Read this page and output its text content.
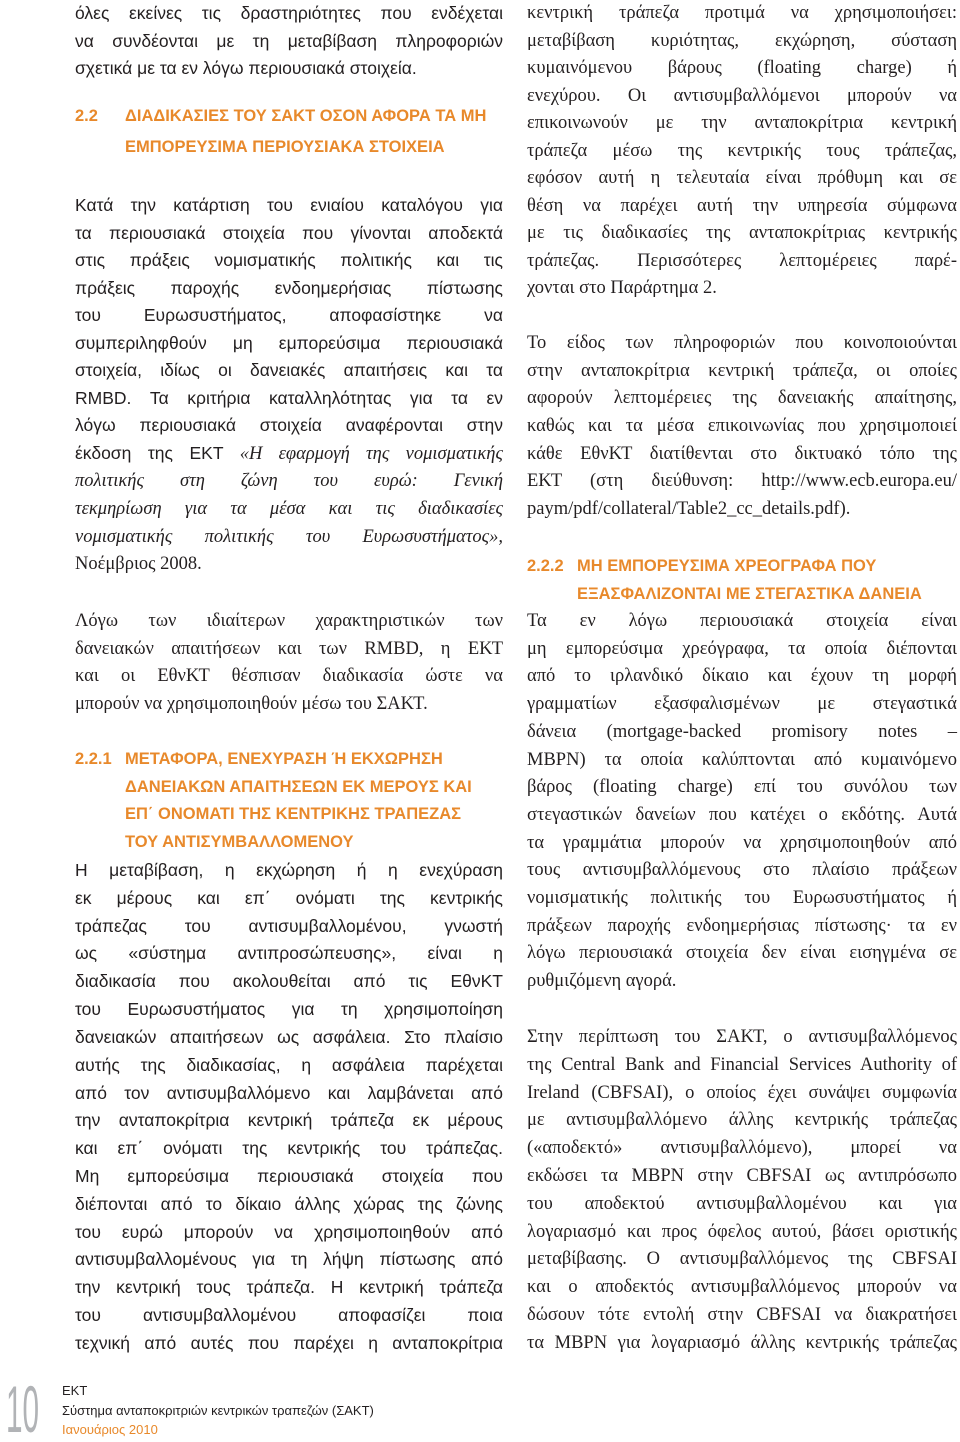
όλες εκείνες τις δραστηριότητες που ενδέχεται
να συνδέονται με τη μεταβίβαση πληροφοριών
σχετικά με τα εν λόγω περιουσιακά στοιχεία.
2.2 ΔΙΑΔΙΚΑΣΙΕΣ ΤΟΥ ΣΑΚΤ ΟΣΟΝ ΑΦΟΡΑ ΤΑ ΜΗ
ΕΜΠΟΡΕΥΣΙΜΑ ΠΕΡΙΟΥΣΙΑΚΑ ΣΤΟΙΧΕΙΑ
Κατά την κατάρτιση του ενιαίου καταλόγου για
τα περιουσιακά στοιχεία που γίνονται αποδεκτά
στις πράξεις νομισματικής πολιτικής και τις
πράξεις παροχής ενδοημερήσιας πίστωσης
του Ευρωσυστήματος, αποφασίστηκε να
συμπεριληφθούν μη εμπορεύσιμα περιουσιακά
στοιχεία, ιδίως οι δανειακές απαιτήσεις και τα
RMBD. Τα κριτήρια καταλληλότητας για τα εν
λόγω περιουσιακά στοιχεία αναφέρονται στην
έκδοση της ΕΚΤ «Η εφαρμογή της νομισματικής
πολιτικής στη ζώνη του ευρώ: Γενική
τεκμηρίωση για τα μέσα και τις διαδικασίες
νομισματικής πολιτικής του Ευρωσυστήματος»,
Νοέμβριος 2008.
Λόγω των ιδιαίτερων χαρακτηριστικών των
δανειακών απαιτήσεων και των RMBD, η ΕΚΤ
και οι ΕθνΚΤ θέσπισαν διαδικασία ώστε να
μπορούν να χρησιμοποιηθούν μέσω του ΣΑΚΤ.
2.2.1 ΜΕΤΑΦΟΡΑ, ΕΝΕΧΥΡΑΣΗ Ή ΕΚΧΩΡΗΣΗ
ΔΑΝΕΙΑΚΩΝ ΑΠΑΙΤΗΣΕΩΝ ΕΚ ΜΕΡΟΥΣ ΚΑΙ
ΕΠ΄ ΟΝΟΜΑΤΙ ΤΗΣ ΚΕΝΤΡΙΚΗΣ ΤΡΑΠΕΖΑΣ
ΤΟΥ ΑΝΤΙΣΥΜΒΑΛΛΟΜΕΝΟΥ
Η μεταβίβαση, η εκχώρηση ή η ενεχύραση
εκ μέρους και επ΄ ονόματι της κεντρικής
τράπεζας του αντισυμβαλλομένου, γνωστή
ως «σύστημα αντιπροσώπευσης», είναι η
διαδικασία που ακολουθείται από τις ΕθνΚΤ
του Ευρωσυστήματος για τη χρησιμοποίηση
δανειακών απαιτήσεων ως ασφάλεια. Στο πλαίσιο
αυτής της διαδικασίας, η ασφάλεια παρέχεται
από τον αντισυμβαλλόμενο και λαμβάνεται από
την ανταποκρίτρια κεντρική τράπεζα εκ μέρους
και επ΄ ονόματι της κεντρικής του τράπεζας.
Μη εμπορεύσιμα περιουσιακά στοιχεία που
διέπονται από το δίκαιο άλλης χώρας της ζώνης
του ευρώ μπορούν να χρησιμοποιηθούν από
αντισυμβαλλομένους για τη λήψη πίστωσης από
την κεντρική τους τράπεζα. Η κεντρική τράπεζα
του αντισυμβαλλομένου αποφασίζει ποια
τεχνική από αυτές που παρέχει η ανταποκρίτρια
κεντρική τράπεζα προτιμά να χρησιμοποιήσει:
μεταβίβαση κυριότητας, εκχώρηση, σύσταση
κυμαινόμενου βάρους (floating charge) ή
ενεχύρου. Οι αντισυμβαλλόμενοι μπορούν να
επικοινωνούν με την ανταποκρίτρια κεντρική
τράπεζα μέσω της κεντρικής τους τράπεζας,
εφόσον αυτή η τελευταία είναι πρόθυμη και σε
θέση να παρέχει αυτή την υπηρεσία σύμφωνα
με τις διαδικασίες της ανταποκρίτριας κεντρικής
τράπεζας. Περισσότερες λεπτομέρειες παρέ-
χονται στο Παράρτημα 2.
Το είδος των πληροφοριών που κοινοποιούνται
στην ανταποκρίτρια κεντρική τράπεζα, οι οποίες
αφορούν λεπτομέρειες της δανειακής απαίτησης,
καθώς και τα μέσα επικοινωνίας που χρησιμοποιεί
κάθε ΕθνΚΤ διατίθενται στο δικτυακό τόπο της
ΕΚΤ (στη διεύθυνση: http://www.ecb.europa.eu/
paym/pdf/collateral/Table2_cc_details.pdf).
2.2.2 ΜΗ ΕΜΠΟΡΕΥΣΙΜΑ ΧΡΕΟΓΡΑΦΑ ΠΟΥ
ΕΞΑΣΦΑΛΙΖΟΝΤΑΙ ΜΕ ΣΤΕΓΑΣΤΙΚΑ ΔΑΝΕΙΑ
Τα εν λόγω περιουσιακά στοιχεία είναι
μη εμπορεύσιμα χρεόγραφα, τα οποία διέπονται
από το ιρλανδικό δίκαιο και έχουν τη μορφή
γραμματίων εξασφαλισμένων με στεγαστικά
δάνεια (mortgage-backed promisory notes –
MBPN) τα οποία καλύπτονται από κυμαινόμενο
βάρος (floating charge) επί του συνόλου των
στεγαστικών δανείων που κατέχει ο εκδότης. Αυτά
τα γραμμάτια μπορούν να χρησιμοποιηθούν από
τους αντισυμβαλλόμενους στο πλαίσιο πράξεων
νομισματικής πολιτικής του Ευρωσυστήματος ή
πράξεων παροχής ενδοημερήσιας πίστωσης· τα εν
λόγω περιουσιακά στοιχεία δεν είναι εισηγμένα σε
ρυθμιζόμενη αγορά.
Στην περίπτωση του ΣΑΚΤ, ο αντισυμβαλλόμενος
της Central Bank and Financial Services Authority of
Ireland (CBFSAI), ο οποίος έχει συνάψει συμφωνία
με αντισυμβαλλόμενο άλλης κεντρικής τράπεζας
(«αποδεκτό» αντισυμβαλλόμενο), μπορεί να
εκδώσει τα MBPN στην CBFSAI ως αντιπρόσωπο
του αποδεκτού αντισυμβαλλομένου και για
λογαριασμό και προς όφελος αυτού, βάσει οριστικής
μεταβίβασης. Ο αντισυμβαλλόμενος της CBFSAI
και ο αποδεκτός αντισυμβαλλόμενος μπορούν να
δώσουν τότε εντολή στην CBFSAI να διακρατήσει
τα MBPN για λογαριασμό άλλης κεντρικής τράπεζας
10 ΕΚΤ
Σύστημα ανταποκριτριών κεντρικών τραπεζών (ΣΑΚΤ)
Ιανουάριος 2010
